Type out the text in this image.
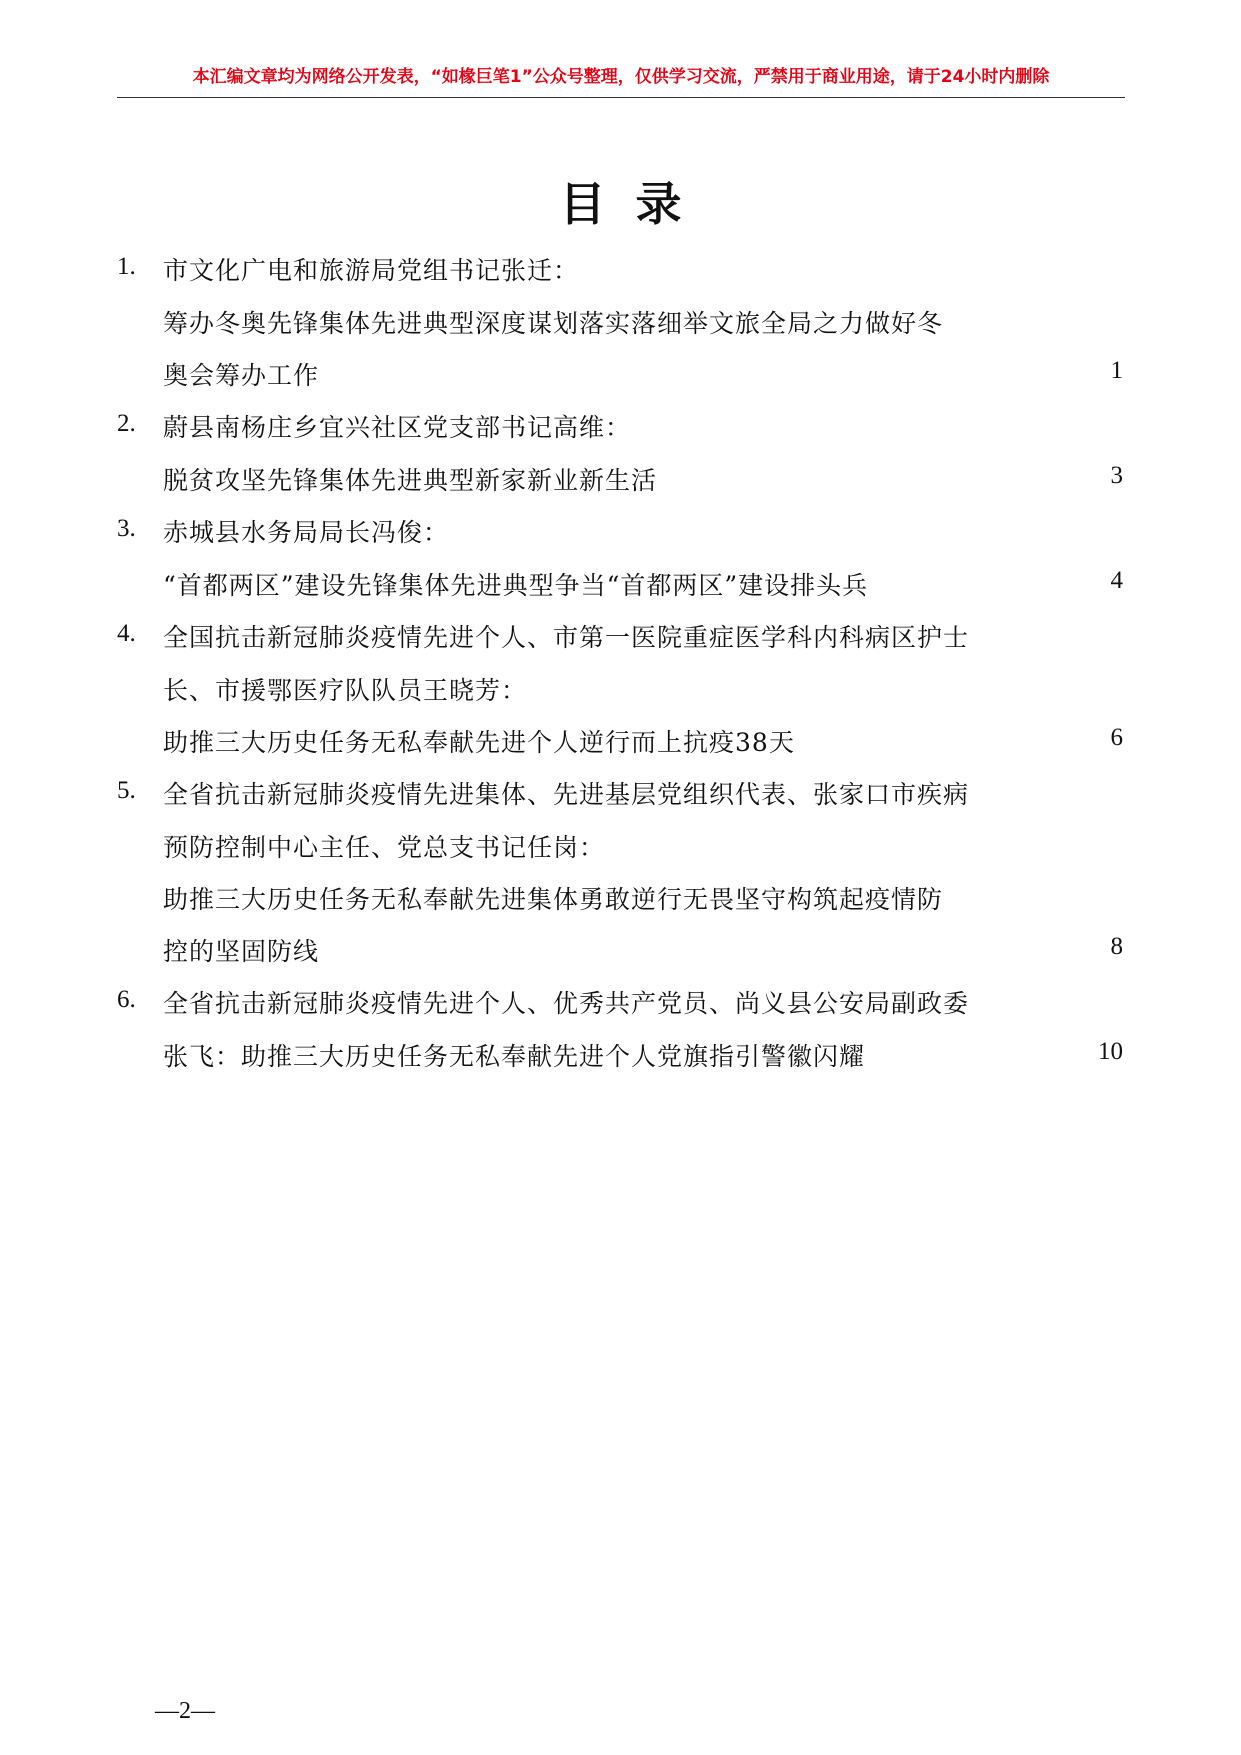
本汇编文章均为网络公开发表，“如椽巨笔1”公众号整理，仅供学习交流，严禁用于商业用途，请于24小时内删除
目录
1. 市文化广电和旅游局党组书记张迁：
筹办冬奥先锋集体先进典型深度谋划落实落细举文旅全局之力做好冬
奥会筹办工作	1
2. 蔚县南杨庄乡宜兴社区党支部书记高维：
脱贫攻坚先锋集体先进典型新家新业新生活	3
3. 赤城县水务局局长冯俊：
“首都两区”建设先锋集体先进典型争当“首都两区”建设排头兵	4
4. 全国抗击新冠肺炎疫情先进个人、市第一医院重症医学科内科病区护士
长、市援鄂医疗队队员王晓芳：
助推三大历史任务无私奉献先进个人逆行而上抗疫38天	6
5. 全省抗击新冠肺炎疫情先进集体、先进基层党组织代表、张家口市疾病
预防控制中心主任、党总支书记任岗：
助推三大历史任务无私奉献先进集体勇敢逆行无畏坚守构筑起疫情防
控的坚固防线	8
6. 全省抗击新冠肺炎疫情先进个人、优秀共产党员、尚义县公安局副政委
张飞：助推三大历史任务无私奉献先进个人党旗指引警徽闪耀	10
—2—
